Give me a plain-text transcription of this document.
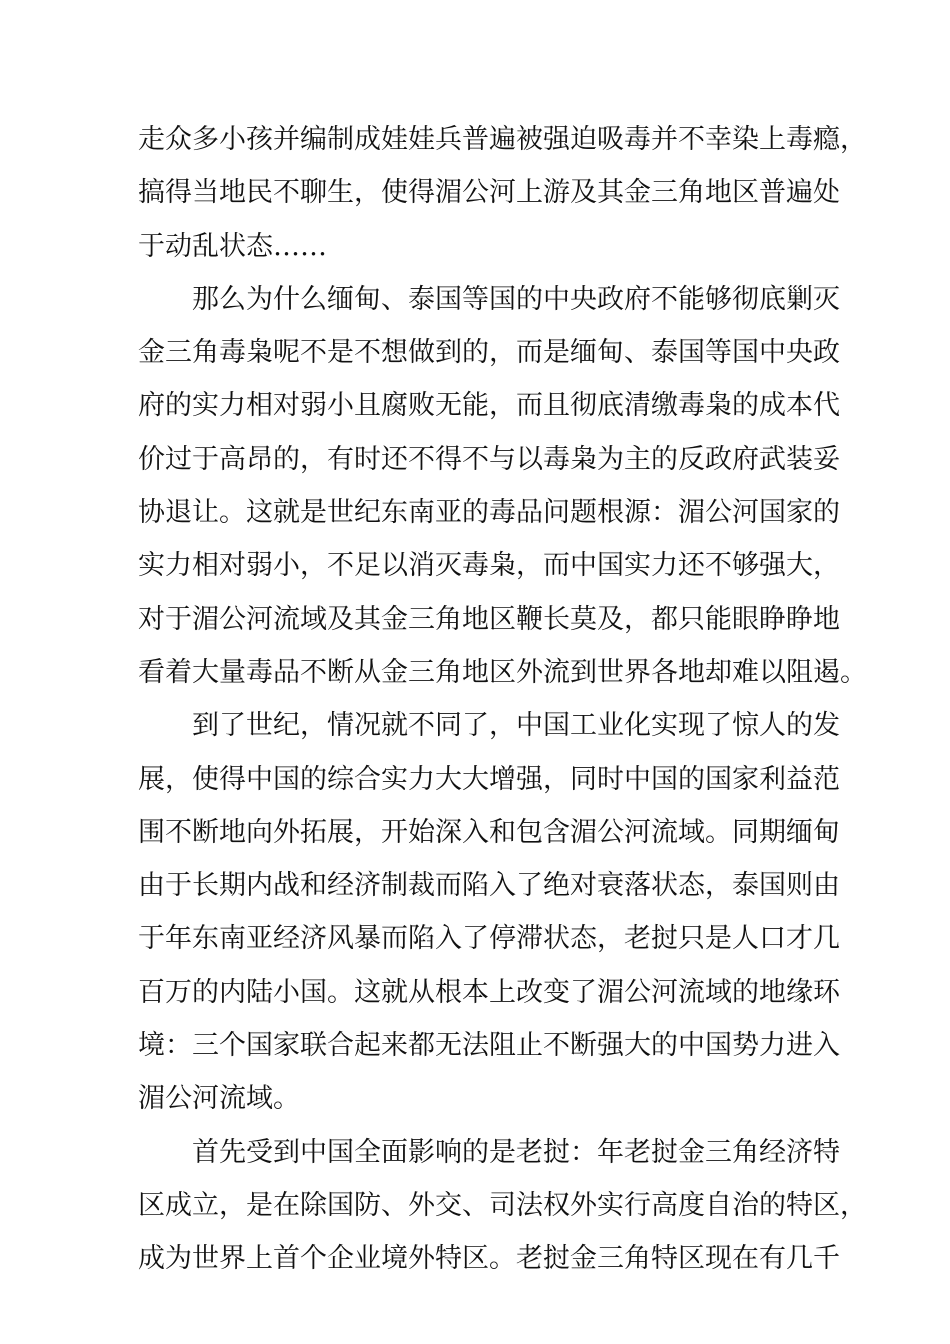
走众多小孩并编制成娃娃兵普遍被强迫吸毒并不幸染上毒瘾，
搞得当地民不聊生，使得湄公河上游及其金三角地区普遍处
于动乱状态……
那么为什么缅甸、泰国等国的中央政府不能够彻底剿灭
金三角毒枭呢不是不想做到的，而是缅甸、泰国等国中央政
府的实力相对弱小且腐败无能，而且彻底清缴毒枭的成本代
价过于高昂的，有时还不得不与以毒枭为主的反政府武装妥
协退让。这就是世纪东南亚的毒品问题根源：湄公河国家的
实力相对弱小，不足以消灭毒枭，而中国实力还不够强大，
对于湄公河流域及其金三角地区鞭长莫及，都只能眼睁睁地
看着大量毒品不断从金三角地区外流到世界各地却难以阻遏。
到了世纪，情况就不同了，中国工业化实现了惊人的发
展，使得中国的综合实力大大增强，同时中国的国家利益范
围不断地向外拓展，开始深入和包含湄公河流域。同期缅甸
由于长期内战和经济制裁而陷入了绝对衰落状态，泰国则由
于年东南亚经济风暴而陷入了停滞状态，老挝只是人口才几
百万的内陆小国。这就从根本上改变了湄公河流域的地缘环
境：三个国家联合起来都无法阻止不断强大的中国势力进入
湄公河流域。
首先受到中国全面影响的是老挝：年老挝金三角经济特
区成立，是在除国防、外交、司法权外实行高度自治的特区，
成为世界上首个企业境外特区。老挝金三角特区现在有几千
